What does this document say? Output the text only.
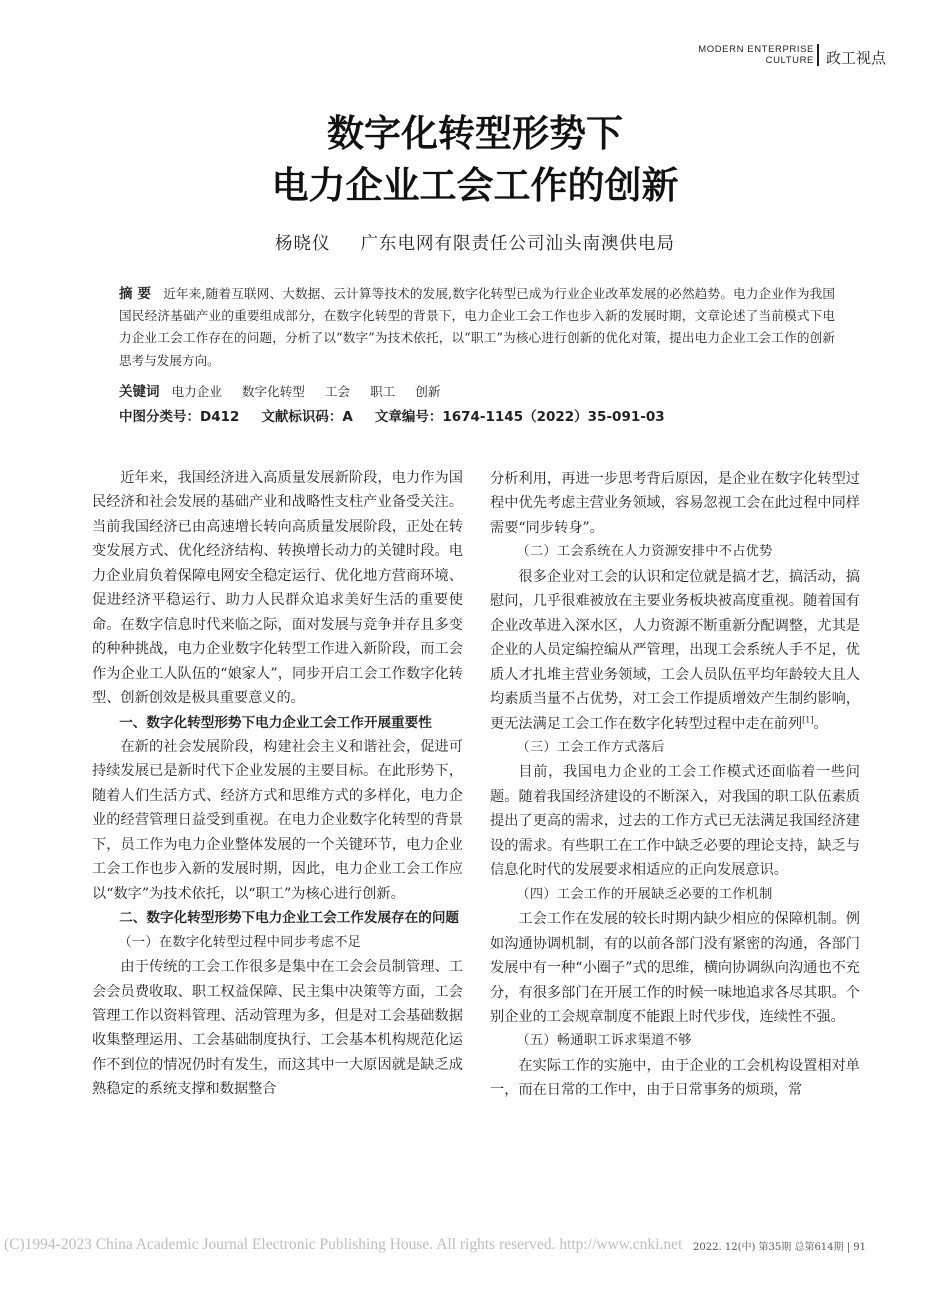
MODERN ENTERPRISE
CULTURE 政工视点
数字化转型形势下
电力企业工会工作的创新
杨晓仪 广东电网有限责任公司汕头南澳供电局
摘 要 近年来,随着互联网、大数据、云计算等技术的发展,数字化转型已成为行业企业改革发展的必然趋势。电力企业作为我国国民经济基础产业的重要组成部分，在数字化转型的背景下，电力企业工会工作也步入新的发展时期，文章论述了当前模式下电力企业工会工作存在的问题，分析了以“数字”为技术依托，以“职工”为核心进行创新的优化对策，提出电力企业工会工作的创新思考与发展方向。
关键词 电力企业 数字化转型 工会 职工 创新
中图分类号：D412 文献标识码：A 文章编号：1674-1145（2022）35-091-03

近年来，我国经济进入高质量发展新阶段，电力作为国民经济和社会发展的基础产业和战略性支柱产业备受关注。当前我国经济已由高速增长转向高质量发展阶段，正处在转变发展方式、优化经济结构、转换增长动力的关键时段。电力企业肩负着保障电网安全稳定运行、优化地方营商环境、促进经济平稳运行、助力人民群众追求美好生活的重要使命。在数字信息时代来临之际，面对发展与竞争并存且多变的种种挑战，电力企业数字化转型工作进入新阶段，而工会作为企业工人队伍的“娘家人”，同步开启工会工作数字化转型、创新创效是极具重要意义的。

一、数字化转型形势下电力企业工会工作开展重要性

在新的社会发展阶段，构建社会主义和谐社会，促进可持续发展已是新时代下企业发展的主要目标。在此形势下，随着人们生活方式、经济方式和思维方式的多样化，电力企业的经营管理日益受到重视。在电力企业数字化转型的背景下，员工作为电力企业整体发展的一个关键环节，电力企业工会工作也步入新的发展时期，因此，电力企业工会工作应以“数字”为技术依托，以“职工”为核心进行创新。

二、数字化转型形势下电力企业工会工作发展存在的问题

（一）在数字化转型过程中同步考虑不足

由于传统的工会工作很多是集中在工会会员制管理、工会会员费收取、职工权益保障、民主集中决策等方面，工会管理工作以资料管理、活动管理为多，但是对工会基础数据收集整理运用、工会基础制度执行、工会基本机构规范化运作不到位的情况仍时有发生，而这其中一大原因就是缺乏成熟稳定的系统支撑和数据整合

分析利用，再进一步思考背后原因，是企业在数字化转型过程中优先考虑主营业务领域，容易忽视工会在此过程中同样需要“同步转身”。

（二）工会系统在人力资源安排中不占优势

很多企业对工会的认识和定位就是搞才艺，搞活动，搞慰问，几乎很难被放在主要业务板块被高度重视。随着国有企业改革进入深水区，人力资源不断重新分配调整，尤其是企业的人员定编控编从严管理，出现工会系统人手不足，优质人才扎堆主营业务领域，工会人员队伍平均年龄较大且人均素质当量不占优势，对工会工作提质增效产生制约影响，更无法满足工会工作在数字化转型过程中走在前列[1]。

（三）工会工作方式落后

目前，我国电力企业的工会工作模式还面临着一些问题。随着我国经济建设的不断深入，对我国的职工队伍素质提出了更高的需求，过去的工作方式已无法满足我国经济建设的需求。有些职工在工作中缺乏必要的理论支持，缺乏与信息化时代的发展要求相适应的正向发展意识。

（四）工会工作的开展缺乏必要的工作机制

工会工作在发展的较长时期内缺少相应的保障机制。例如沟通协调机制，有的以前各部门没有紧密的沟通，各部门发展中有一种“小圈子”式的思维，横向协调纵向沟通也不充分，有很多部门在开展工作的时候一味地追求各尽其职。个别企业的工会规章制度不能跟上时代步伐，连续性不强。

（五）畅通职工诉求渠道不够

在实际工作的实施中，由于企业的工会机构设置相对单一，而在日常的工作中，由于日常事务的烦琐，常

(C)1994-2023 China Academic Journal Electronic Publishing House. All rights reserved. http://www.cnki.net 2022. 12(中) 第35期 总第614期 | 91
